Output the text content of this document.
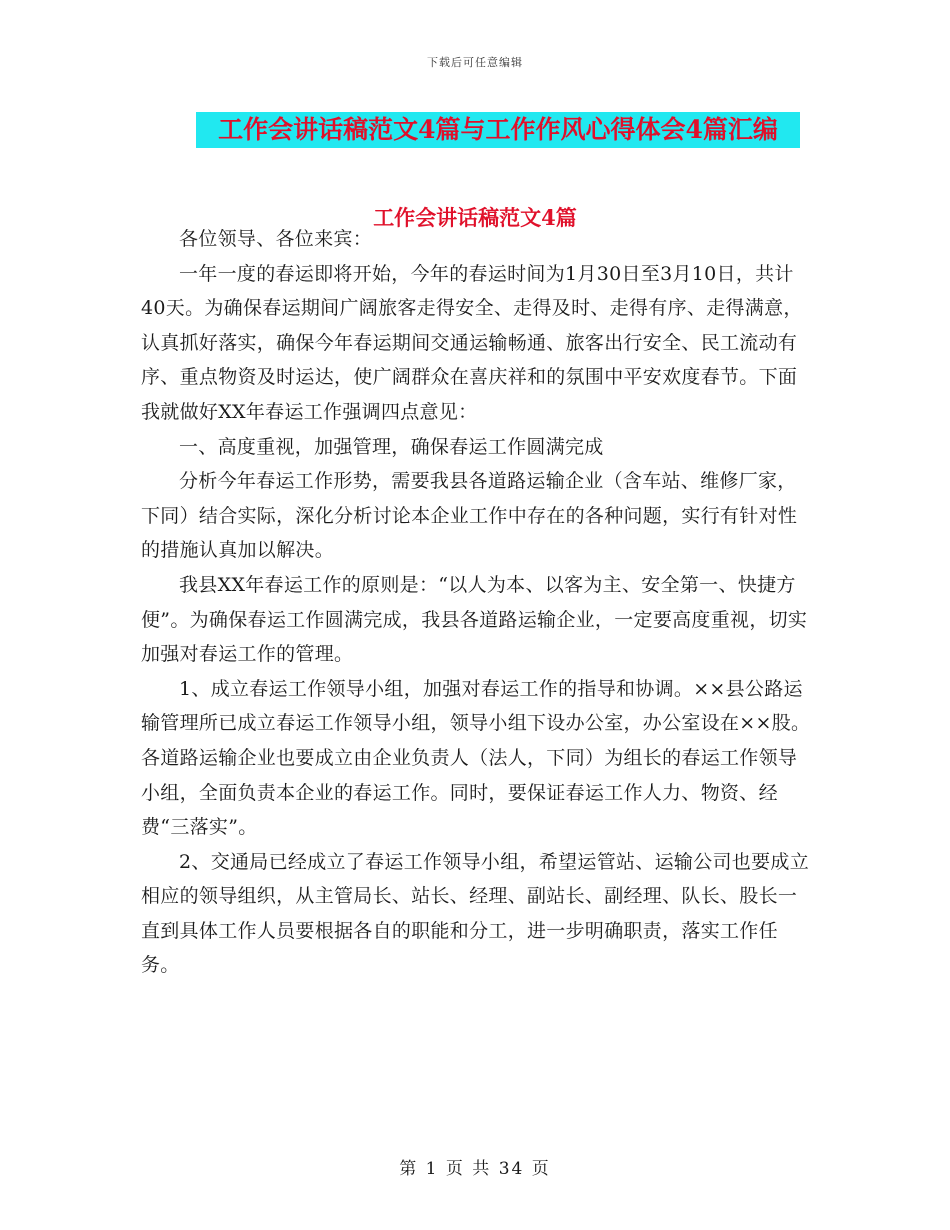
下载后可任意编辑
工作会讲话稿范文4篇与工作作风心得体会4篇汇编
工作会讲话稿范文4篇

各位领导、各位来宾：

一年一度的春运即将开始，今年的春运时间为1月30日至3月10日，共计40天。为确保春运期间广阔旅客走得安全、走得及时、走得有序、走得满意，认真抓好落实，确保今年春运期间交通运输畅通、旅客出行安全、民工流动有序、重点物资及时运达，使广阔群众在喜庆祥和的氛围中平安欢度春节。下面我就做好XX年春运工作强调四点意见：

一、高度重视，加强管理，确保春运工作圆满完成

分析今年春运工作形势，需要我县各道路运输企业（含车站、维修厂家，下同）结合实际，深化分析讨论本企业工作中存在的各种问题，实行有针对性的措施认真加以解决。

我县XX年春运工作的原则是：“以人为本、以客为主、安全第一、快捷方便”。为确保春运工作圆满完成，我县各道路运输企业，一定要高度重视，切实加强对春运工作的管理。

1、成立春运工作领导小组，加强对春运工作的指导和协调。××县公路运输管理所已成立春运工作领导小组，领导小组下设办公室，办公室设在××股。各道路运输企业也要成立由企业负责人（法人，下同）为组长的春运工作领导小组，全面负责本企业的春运工作。同时，要保证春运工作人力、物资、经费“三落实”。

2、交通局已经成立了春运工作领导小组，希望运管站、运输公司也要成立相应的领导组织，从主管局长、站长、经理、副站长、副经理、队长、股长一直到具体工作人员要根据各自的职能和分工，进一步明确职责，落实工作任务。

第 1 页 共 34 页
